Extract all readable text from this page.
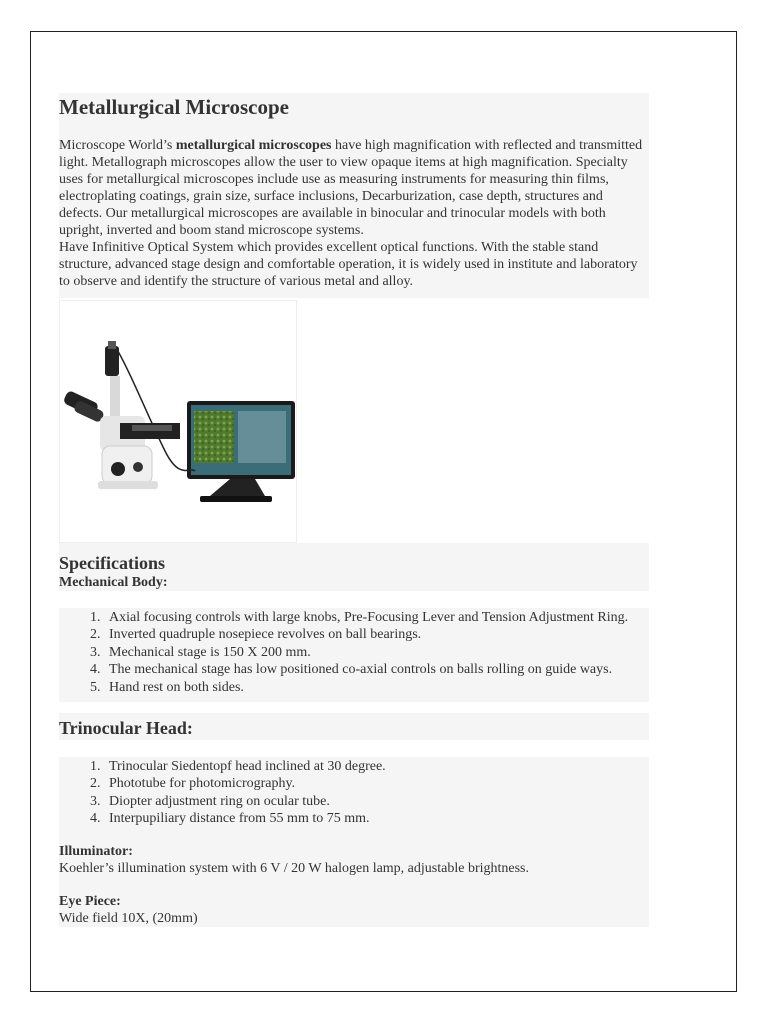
Metallurgical Microscope

Microscope World’s metallurgical microscopes have high magnification with reflected and transmitted light. Metallograph microscopes allow the user to view opaque items at high magnification. Specialty uses for metallurgical microscopes include use as measuring instruments for measuring thin films, electroplating coatings, grain size, surface inclusions, Decarburization, case depth, structures and defects. Our metallurgical microscopes are available in binocular and trinocular models with both upright, inverted and boom stand microscope systems.

Have Infinitive Optical System which provides excellent optical functions. With the stable stand structure, advanced stage design and comfortable operation, it is widely used in institute and laboratory to observe and identify the structure of various metal and alloy.

Specifications
Mechanical Body:
1. Axial focusing controls with large knobs, Pre-Focusing Lever and Tension Adjustment Ring.
2. Inverted quadruple nosepiece revolves on ball bearings.
3. Mechanical stage is 150 X 200 mm.
4. The mechanical stage has low positioned co-axial controls on balls rolling on guide ways.
5. Hand rest on both sides.
Trinocular Head:
1. Trinocular Siedentopf head inclined at 30 degree.
2. Phototube for photomicrography.
3. Diopter adjustment ring on ocular tube.
4. Interpupiliary distance from 55 mm to 75 mm.
Illuminator:
Koehler’s illumination system with 6 V / 20 W halogen lamp, adjustable brightness.
Eye Piece:
Wide field 10X, (20mm)
